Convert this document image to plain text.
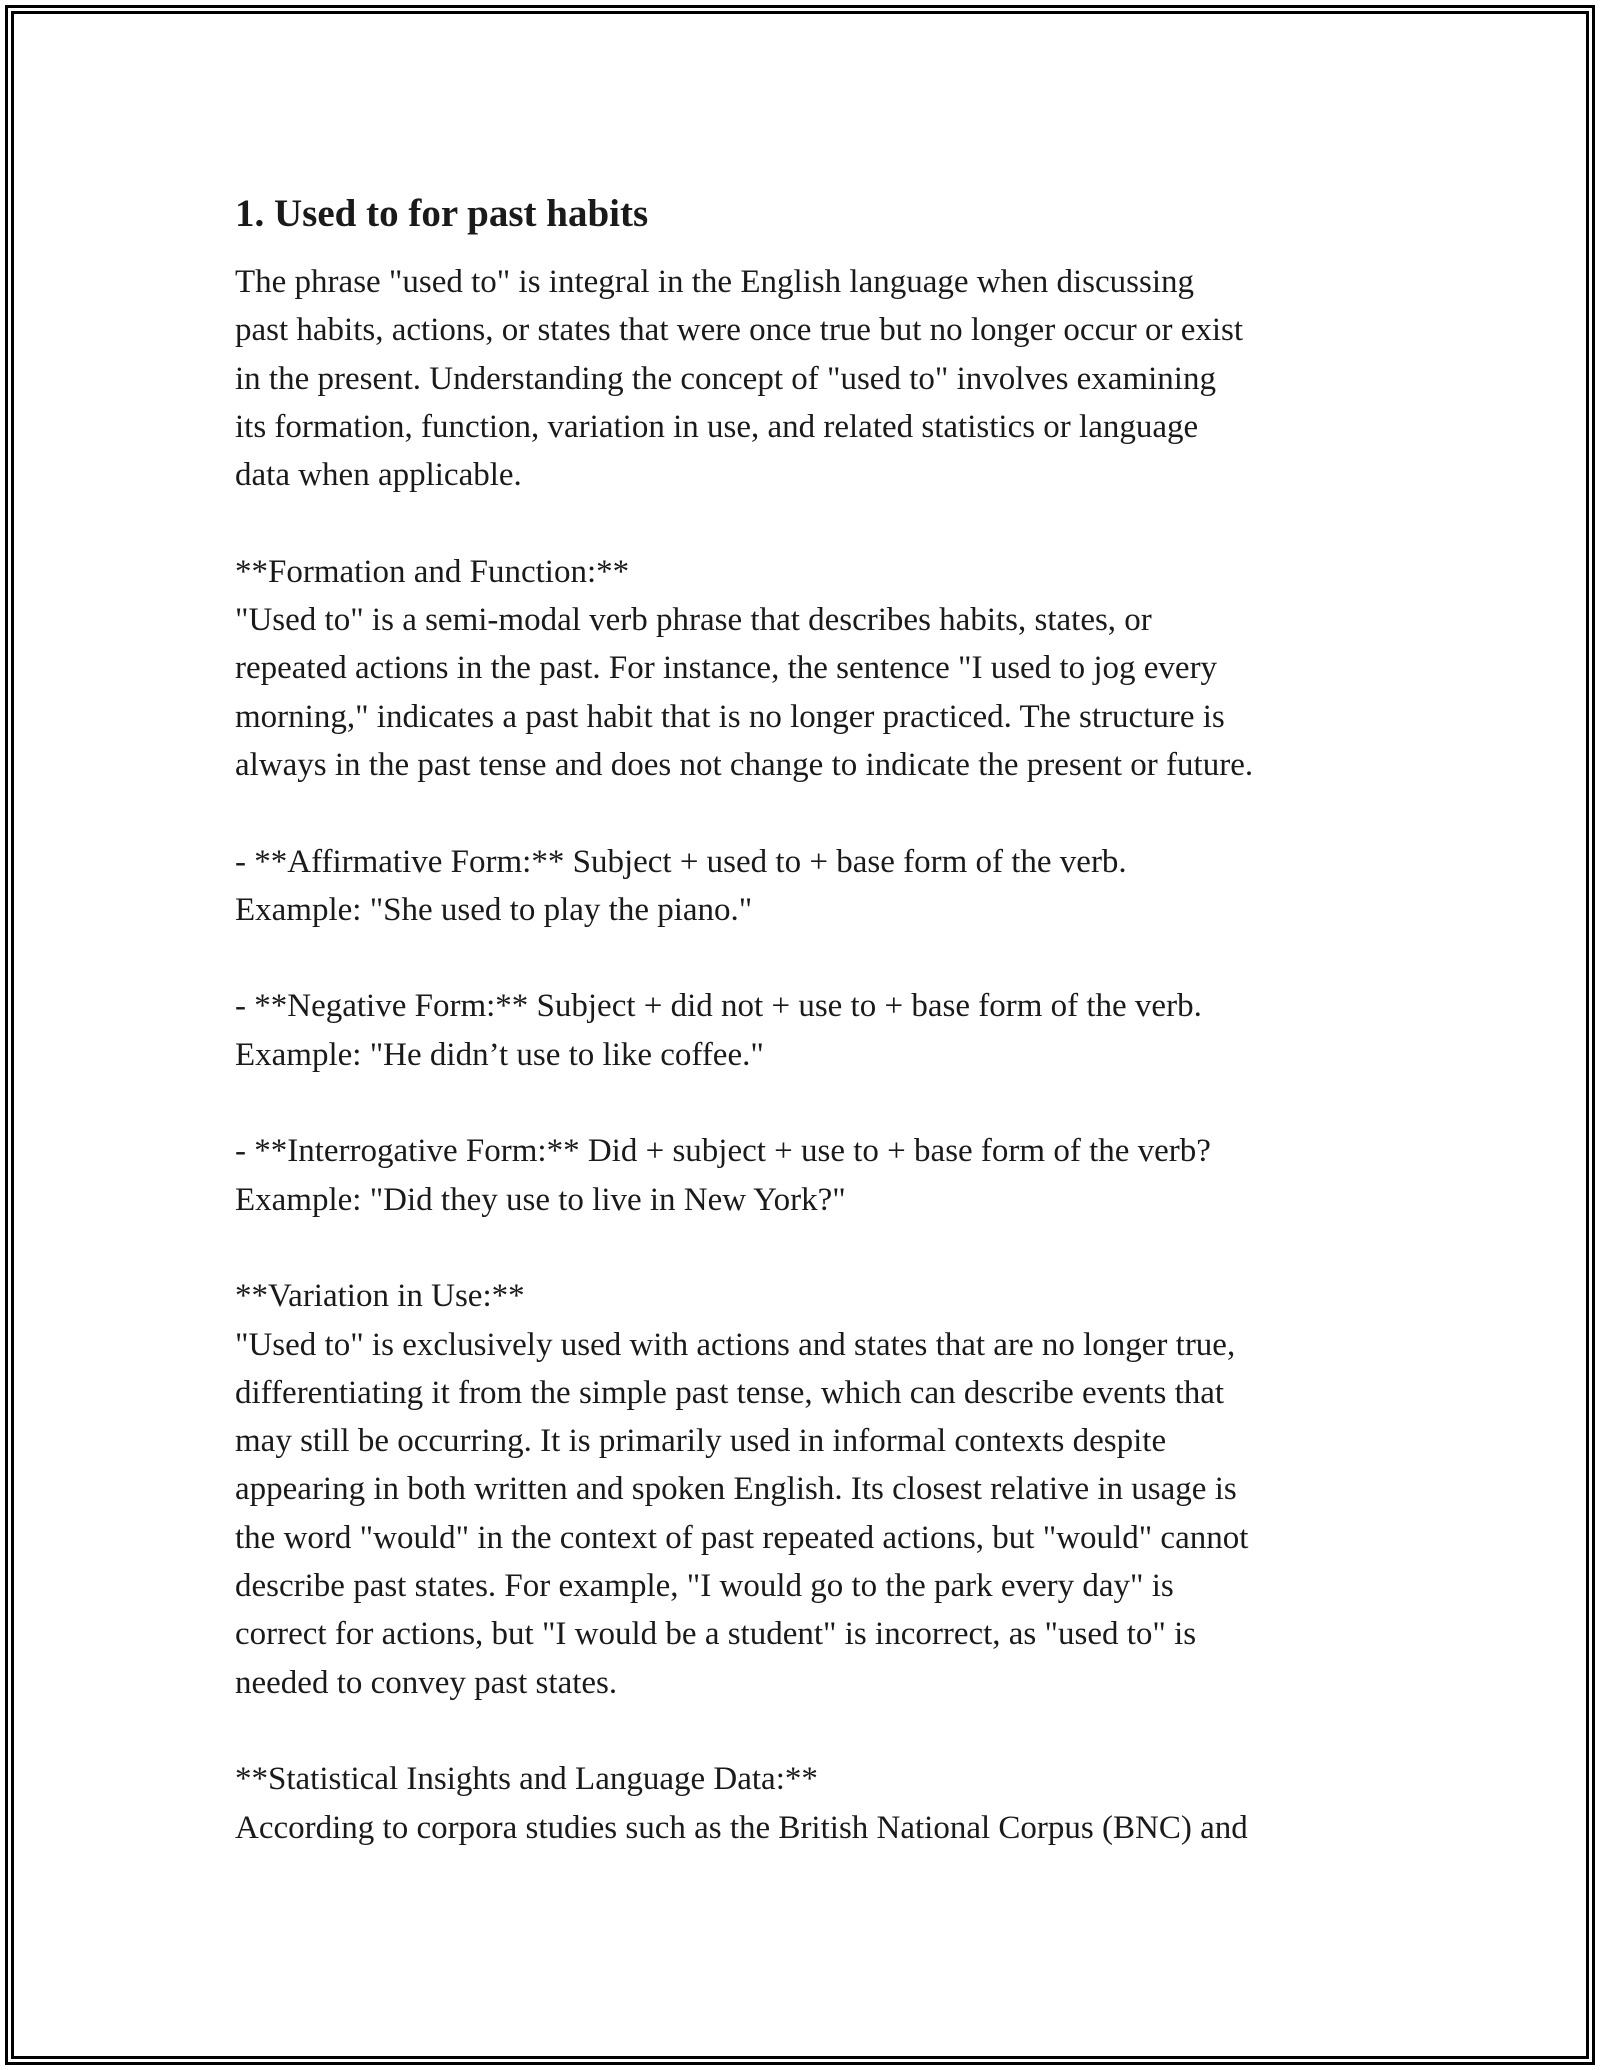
1. Used to for past habits

The phrase "used to" is integral in the English language when discussing
past habits, actions, or states that were once true but no longer occur or exist
in the present. Understanding the concept of "used to" involves examining
its formation, function, variation in use, and related statistics or language
data when applicable.

**Formation and Function:**
"Used to" is a semi-modal verb phrase that describes habits, states, or
repeated actions in the past. For instance, the sentence "I used to jog every
morning," indicates a past habit that is no longer practiced. The structure is
always in the past tense and does not change to indicate the present or future.

- **Affirmative Form:** Subject + used to + base form of the verb.
Example: "She used to play the piano."

- **Negative Form:** Subject + did not + use to + base form of the verb.
Example: "He didn’t use to like coffee."

- **Interrogative Form:** Did + subject + use to + base form of the verb?
Example: "Did they use to live in New York?"

**Variation in Use:**
"Used to" is exclusively used with actions and states that are no longer true,
differentiating it from the simple past tense, which can describe events that
may still be occurring. It is primarily used in informal contexts despite
appearing in both written and spoken English. Its closest relative in usage is
the word "would" in the context of past repeated actions, but "would" cannot
describe past states. For example, "I would go to the park every day" is
correct for actions, but "I would be a student" is incorrect, as "used to" is
needed to convey past states.

**Statistical Insights and Language Data:**
According to corpora studies such as the British National Corpus (BNC) and
